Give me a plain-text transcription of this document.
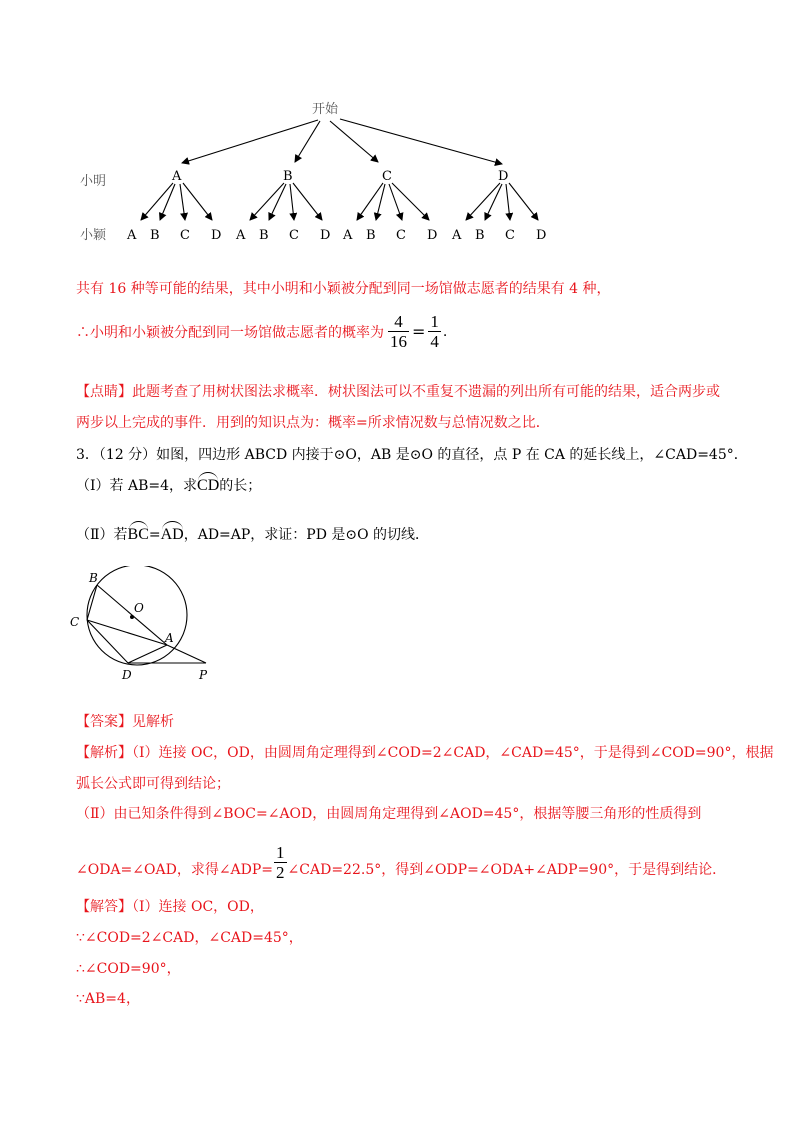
开始
小明
小颖
A	B	C	D
A B C D A B C D A B C D A B C D
共有 16 种等可能的结果，其中小明和小颖被分配到同一场馆做志愿者的结果有 4 种，
∴小明和小颖被分配到同一场馆做志愿者的概率为 $\frac{4}{16} = \frac{1}{4}$ .
【点睛】此题考查了用树状图法求概率．树状图法可以不重复不遗漏的列出所有可能的结果，适合两步或
两步以上完成的事件．用到的知识点为：概率=所求情况数与总情况数之比．
3．（12 分）如图，四边形 ABCD 内接于⊙O，AB 是⊙O 的直径，点 P 在 CA 的延长线上，∠CAD=45°．
（Ⅰ）若 AB=4，求CD的长；
（Ⅱ）若BC=AD，AD=AP，求证：PD 是⊙O 的切线．
B
O
C
A
D	P
【答案】见解析
【解析】（Ⅰ）连接 OC，OD，由圆周角定理得到∠COD=2∠CAD，∠CAD=45°，于是得到∠COD=90°，根据
弧长公式即可得到结论；
（Ⅱ）由已知条件得到∠BOC=∠AOD，由圆周角定理得到∠AOD=45°，根据等腰三角形的性质得到
∠ODA=∠OAD，求得∠ADP= $\frac{1}{2}$ ∠CAD=22.5°，得到∠ODP=∠ODA+∠ADP=90°，于是得到结论．
【解答】（Ⅰ）连接 OC，OD，
∵∠COD=2∠CAD，∠CAD=45°，
∴∠COD=90°，
∵AB=4，
